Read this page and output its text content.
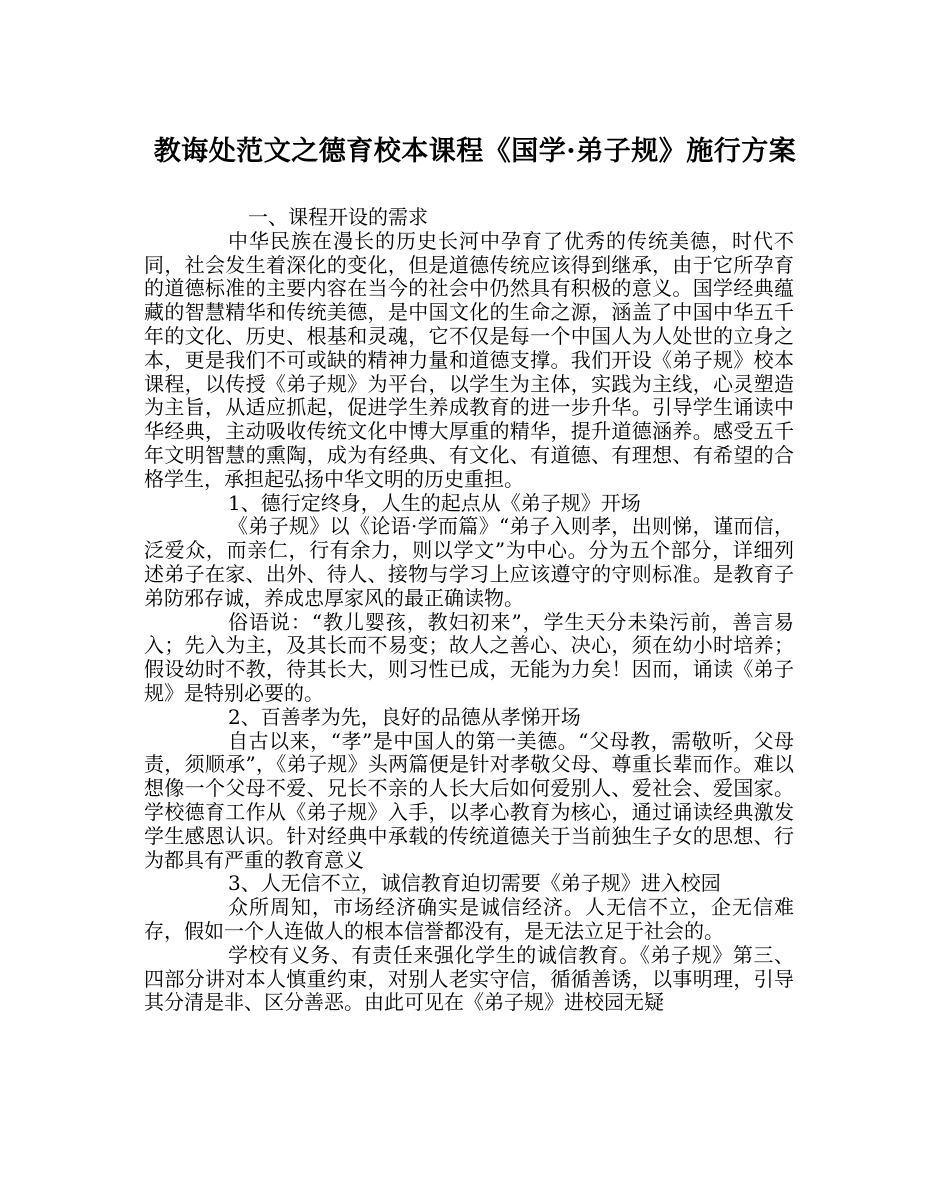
教诲处范文之德育校本课程《国学·弟子规》施行方案

一、课程开设的需求

中华民族在漫长的历史长河中孕育了优秀的传统美德，时代不同，社会发生着深化的变化，但是道德传统应该得到继承，由于它所孕育的道德标准的主要内容在当今的社会中仍然具有积极的意义。国学经典蕴藏的智慧精华和传统美德，是中国文化的生命之源，涵盖了中国中华五千年的文化、历史、根基和灵魂，它不仅是每一个中国人为人处世的立身之本，更是我们不可或缺的精神力量和道德支撑。我们开设《弟子规》校本课程，以传授《弟子规》为平台，以学生为主体，实践为主线，心灵塑造为主旨，从适应抓起，促进学生养成教育的进一步升华。引导学生诵读中华经典，主动吸收传统文化中博大厚重的精华，提升道德涵养。感受五千年文明智慧的熏陶，成为有经典、有文化、有道德、有理想、有希望的合格学生，承担起弘扬中华文明的历史重担。

1、德行定终身，人生的起点从《弟子规》开场

《弟子规》以《论语·学而篇》“弟子入则孝，出则悌，谨而信，泛爱众，而亲仁，行有余力，则以学文”为中心。分为五个部分，详细列述弟子在家、出外、待人、接物与学习上应该遵守的守则标准。是教育子弟防邪存诚，养成忠厚家风的最正确读物。

俗语说：“教儿婴孩，教妇初来”，学生天分未染污前，善言易入；先入为主，及其长而不易变；故人之善心、决心，须在幼小时培养；假设幼时不教，待其长大，则习性已成，无能为力矣！因而，诵读《弟子规》是特别必要的。

2、百善孝为先，良好的品德从孝悌开场

自古以来，“孝”是中国人的第一美德。“父母教，需敬听，父母责，须顺承”，《弟子规》头两篇便是针对孝敬父母、尊重长辈而作。难以想像一个父母不爱、兄长不亲的人长大后如何爱别人、爱社会、爱国家。学校德育工作从《弟子规》入手，以孝心教育为核心，通过诵读经典激发学生感恩认识。针对经典中承载的传统道德关于当前独生子女的思想、行为都具有严重的教育意义

3、人无信不立，诚信教育迫切需要《弟子规》进入校园

众所周知，市场经济确实是诚信经济。人无信不立，企无信难存，假如一个人连做人的根本信誉都没有，是无法立足于社会的。

学校有义务、有责任来强化学生的诚信教育。《弟子规》第三、四部分讲对本人慎重约束，对别人老实守信，循循善诱，以事明理，引导其分清是非、区分善恶。由此可见在《弟子规》进校园无疑
